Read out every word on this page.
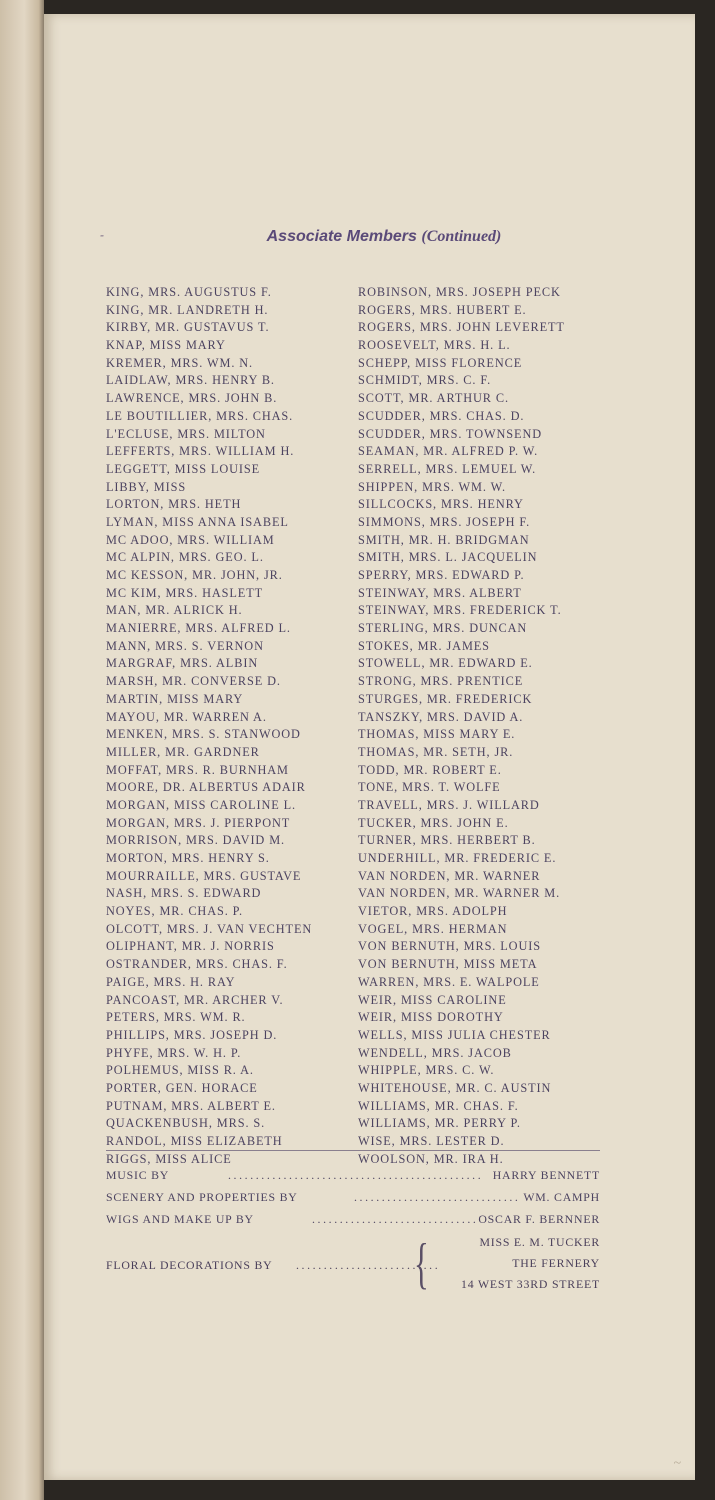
-	Associate Members (Continued)
KING, MRS. AUGUSTUS F.
KING, MR. LANDRETH H.
KIRBY, MR. GUSTAVUS T.
KNAP, MISS MARY
KREMER, MRS. WM. N.
LAIDLAW, MRS. HENRY B.
LAWRENCE, MRS. JOHN B.
LE BOUTILLIER, MRS. CHAS.
L'ECLUSE, MRS. MILTON
LEFFERTS, MRS. WILLIAM H.
LEGGETT, MISS LOUISE
LIBBY, MISS
LORTON, MRS. HETH
LYMAN, MISS ANNA ISABEL
MC ADOO, MRS. WILLIAM
MC ALPIN, MRS. GEO. L.
MC KESSON, MR. JOHN, JR.
MC KIM, MRS. HASLETT
MAN, MR. ALRICK H.
MANIERRE, MRS. ALFRED L.
MANN, MRS. S. VERNON
MARGRAF, MRS. ALBIN
MARSH, MR. CONVERSE D.
MARTIN, MISS MARY
MAYOU, MR. WARREN A.
MENKEN, MRS. S. STANWOOD
MILLER, MR. GARDNER
MOFFAT, MRS. R. BURNHAM
MOORE, DR. ALBERTUS ADAIR
MORGAN, MISS CAROLINE L.
MORGAN, MRS. J. PIERPONT
MORRISON, MRS. DAVID M.
MORTON, MRS. HENRY S.
MOURRAILLE, MRS. GUSTAVE
NASH, MRS. S. EDWARD
NOYES, MR. CHAS. P.
OLCOTT, MRS. J. VAN VECHTEN
OLIPHANT, MR. J. NORRIS
OSTRANDER, MRS. CHAS. F.
PAIGE, MRS. H. RAY
PANCOAST, MR. ARCHER V.
PETERS, MRS. WM. R.
PHILLIPS, MRS. JOSEPH D.
PHYFE, MRS. W. H. P.
POLHEMUS, MISS R. A.
PORTER, GEN. HORACE
PUTNAM, MRS. ALBERT E.
QUACKENBUSH, MRS. S.
RANDOL, MISS ELIZABETH
RIGGS, MISS ALICE
ROBINSON, MRS. JOSEPH PECK
ROGERS, MRS. HUBERT E.
ROGERS, MRS. JOHN LEVERETT
ROOSEVELT, MRS. H. L.
SCHEPP, MISS FLORENCE
SCHMIDT, MRS. C. F.
SCOTT, MR. ARTHUR C.
SCUDDER, MRS. CHAS. D.
SCUDDER, MRS. TOWNSEND
SEAMAN, MR. ALFRED P. W.
SERRELL, MRS. LEMUEL W.
SHIPPEN, MRS. WM. W.
SILLCOCKS, MRS. HENRY
SIMMONS, MRS. JOSEPH F.
SMITH, MR. H. BRIDGMAN
SMITH, MRS. L. JACQUELIN
SPERRY, MRS. EDWARD P.
STEINWAY, MRS. ALBERT
STEINWAY, MRS. FREDERICK T.
STERLING, MRS. DUNCAN
STOKES, MR. JAMES
STOWELL, MR. EDWARD E.
STRONG, MRS. PRENTICE
STURGES, MR. FREDERICK
TANSZKY, MRS. DAVID A.
THOMAS, MISS MARY E.
THOMAS, MR. SETH, JR.
TODD, MR. ROBERT E.
TONE, MRS. T. WOLFE
TRAVELL, MRS. J. WILLARD
TUCKER, MRS. JOHN E.
TURNER, MRS. HERBERT B.
UNDERHILL, MR. FREDERIC E.
VAN NORDEN, MR. WARNER
VAN NORDEN, MR. WARNER M.
VIETOR, MRS. ADOLPH
VOGEL, MRS. HERMAN
VON BERNUTH, MRS. LOUIS
VON BERNUTH, MISS META
WARREN, MRS. E. WALPOLE
WEIR, MISS CAROLINE
WEIR, MISS DOROTHY
WELLS, MISS JULIA CHESTER
WENDELL, MRS. JACOB
WHIPPLE, MRS. C. W.
WHITEHOUSE, MR. C. AUSTIN
WILLIAMS, MR. CHAS. F.
WILLIAMS, MR. PERRY P.
WISE, MRS. LESTER D.
WOOLSON, MR. IRA H.
MUSIC BY	.............................................. HARRY BENNETT
SCENERY AND PROPERTIES BY	.............................. WM. CAMPH
WIGS AND MAKE UP BY	.............................. OSCAR F. BERNNER
FLORAL DECORATIONS BY ..........................
{	MISS E. M. TUCKER
THE FERNERY
14 WEST 33RD STREET
~
